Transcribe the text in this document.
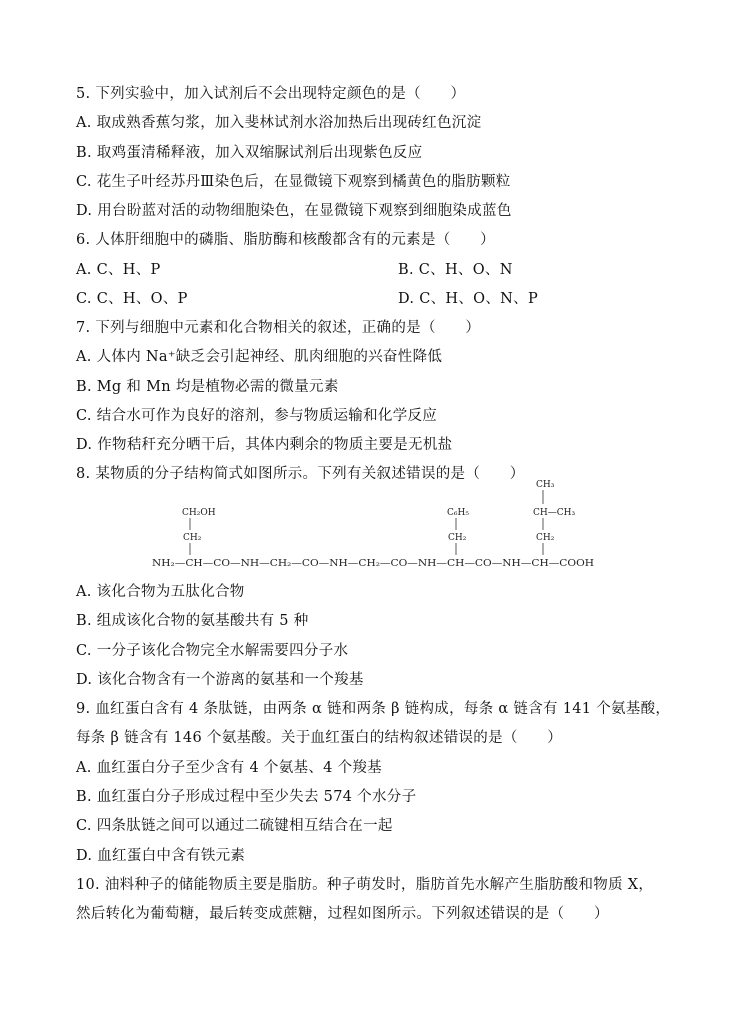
5. 下列实验中，加入试剂后不会出现特定颜色的是（　　）
A. 取成熟香蕉匀浆，加入斐林试剂水浴加热后出现砖红色沉淀
B. 取鸡蛋清稀释液，加入双缩脲试剂后出现紫色反应
C. 花生子叶经苏丹Ⅲ染色后，在显微镜下观察到橘黄色的脂肪颗粒
D. 用台盼蓝对活的动物细胞染色，在显微镜下观察到细胞染成蓝色
6. 人体肝细胞中的磷脂、脂肪酶和核酸都含有的元素是（　　）
A. C、H、P	B. C、H、O、N
C. C、H、O、P	D. C、H、O、N、P
7. 下列与细胞中元素和化合物相关的叙述，正确的是（　　）
A. 人体内 Na⁺缺乏会引起神经、肌肉细胞的兴奋性降低
B. Mg 和 Mn 均是植物必需的微量元素
C. 结合水可作为良好的溶剂，参与物质运输和化学反应
D. 作物秸秆充分晒干后，其体内剩余的物质主要是无机盐
8. 某物质的分子结构简式如图所示。下列有关叙述错误的是（　　）
CH₃
CH—CH₃
CH₂
CH₂OH
CH₂
C₆H₅
CH₂
NH₂—CH—CO—NH—CH₂—CO—NH—CH₂—CO—NH—CH—CO—NH—CH—COOH
A. 该化合物为五肽化合物
B. 组成该化合物的氨基酸共有 5 种
C. 一分子该化合物完全水解需要四分子水
D. 该化合物含有一个游离的氨基和一个羧基
9. 血红蛋白含有 4 条肽链，由两条 α 链和两条 β 链构成，每条 α 链含有 141 个氨基酸，
每条 β 链含有 146 个氨基酸。关于血红蛋白的结构叙述错误的是（　　）
A. 血红蛋白分子至少含有 4 个氨基、4 个羧基
B. 血红蛋白分子形成过程中至少失去 574 个水分子
C. 四条肽链之间可以通过二硫键相互结合在一起
D. 血红蛋白中含有铁元素
10. 油料种子的储能物质主要是脂肪。种子萌发时，脂肪首先水解产生脂肪酸和物质 X，
然后转化为葡萄糖，最后转变成蔗糖，过程如图所示。下列叙述错误的是（　　）
